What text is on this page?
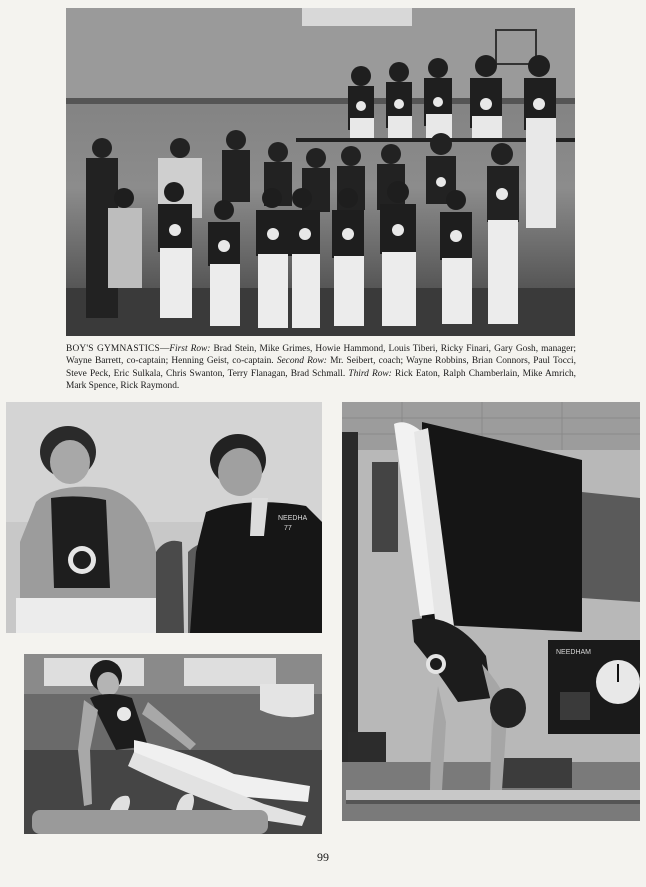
BOY'S GYMNASTICS—First Row: Brad Stein, Mike Grimes, Howie Hammond, Louis Tiberi, Ricky Finari, Gary Gosh, manager; Wayne Barrett, co-captain; Henning Geist, co-captain. Second Row: Mr. Seibert, coach; Wayne Robbins, Brian Connors, Paul Tocci, Steve Peck, Eric Sulkala, Chris Swanton, Terry Flanagan, Brad Schmall. Third Row: Rick Eaton, Ralph Chamberlain, Mike Amrich, Mark Spence, Rick Raymond.
NEEDHA
77
NEEDHAM
99
